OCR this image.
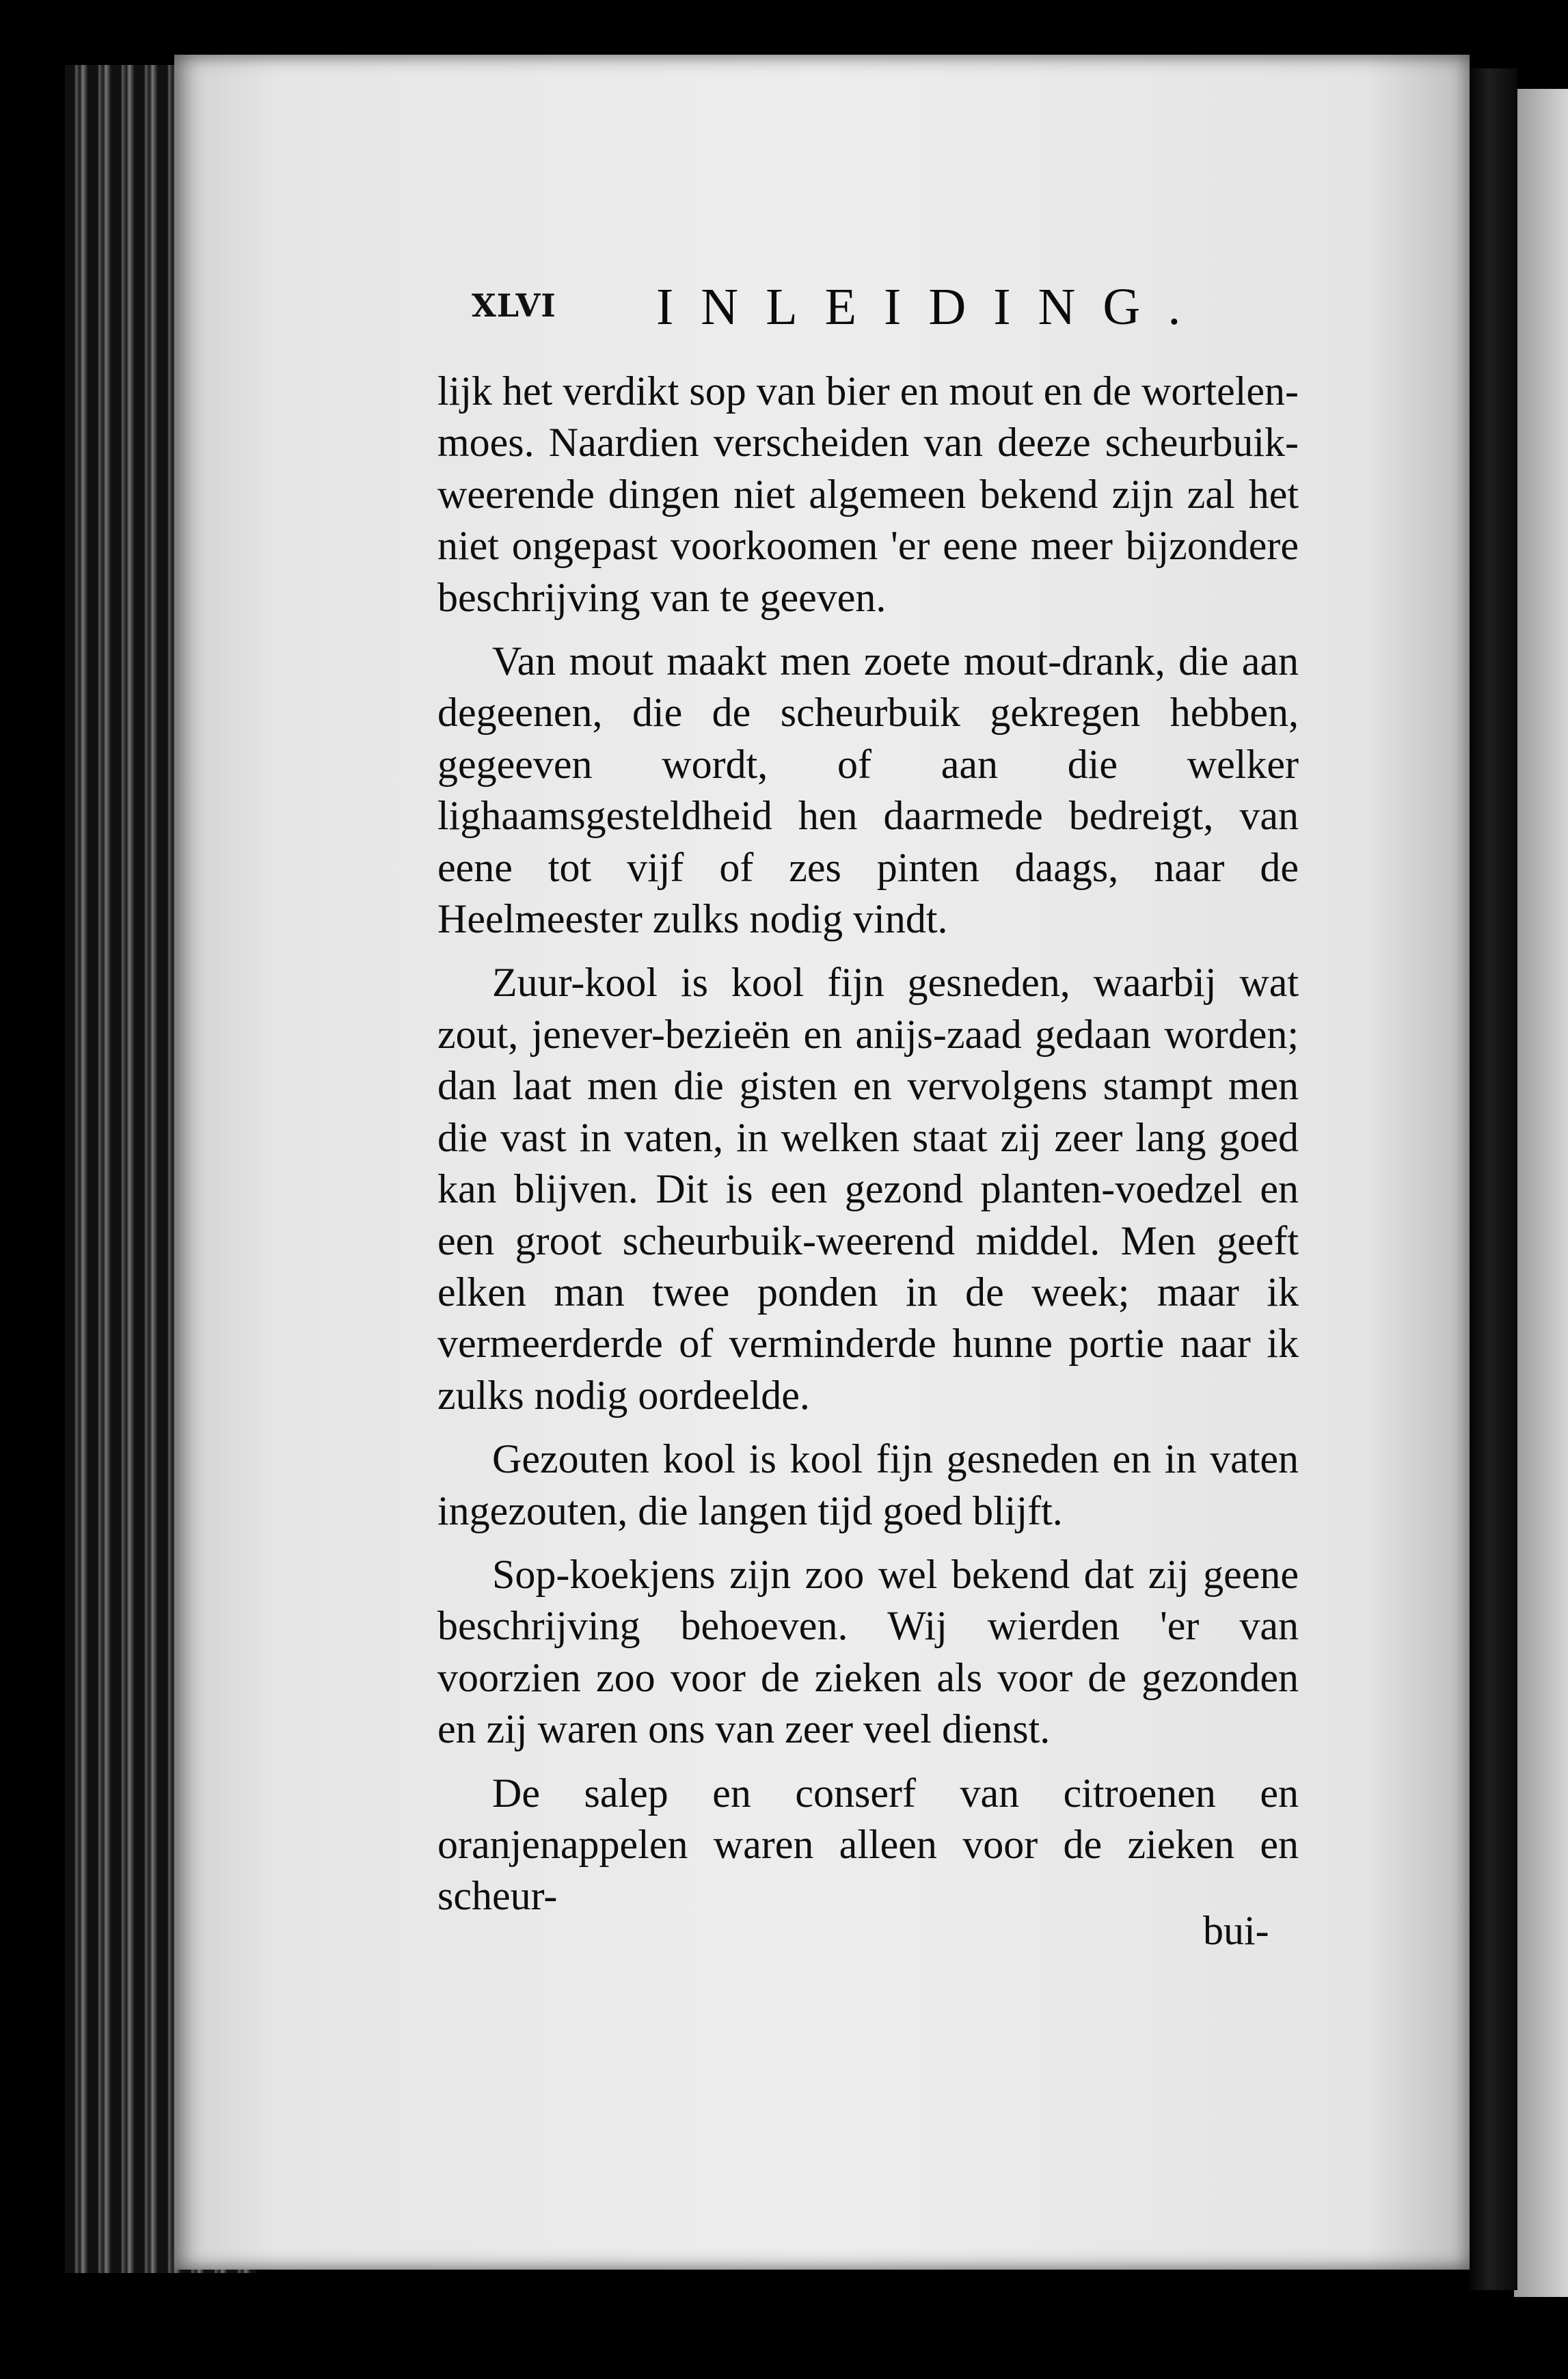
XLVI INLEIDING.

lijk het verdikt sop van bier en mout en de wortelen-moes. Naardien verscheiden van deeze scheurbuik-weerende dingen niet algemeen bekend zijn zal het niet ongepast voorkoomen 'er eene meer bijzondere beschrijving van te geeven.

Van mout maakt men zoete mout-drank, die aan degeenen, die de scheurbuik gekregen hebben, gegeeven wordt, of aan die welker lighaamsgesteldheid hen daarmede bedreigt, van eene tot vijf of zes pinten daags, naar de Heelmeester zulks nodig vindt.

Zuur-kool is kool fijn gesneden, waarbij wat zout, jenever-bezieën en anijs-zaad gedaan worden; dan laat men die gisten en vervolgens stampt men die vast in vaten, in welken staat zij zeer lang goed kan blijven. Dit is een gezond planten-voedzel en een groot scheurbuik-weerend middel. Men geeft elken man twee ponden in de week; maar ik vermeerderde of verminderde hunne portie naar ik zulks nodig oordeelde.

Gezouten kool is kool fijn gesneden en in vaten ingezouten, die langen tijd goed blijft.

Sop-koekjens zijn zoo wel bekend dat zij geene beschrijving behoeven. Wij wierden 'er van voorzien zoo voor de zieken als voor de gezonden en zij waren ons van zeer veel dienst.

De salep en conserf van citroenen en oranjenappelen waren alleen voor de zieken en scheur-

bui-
